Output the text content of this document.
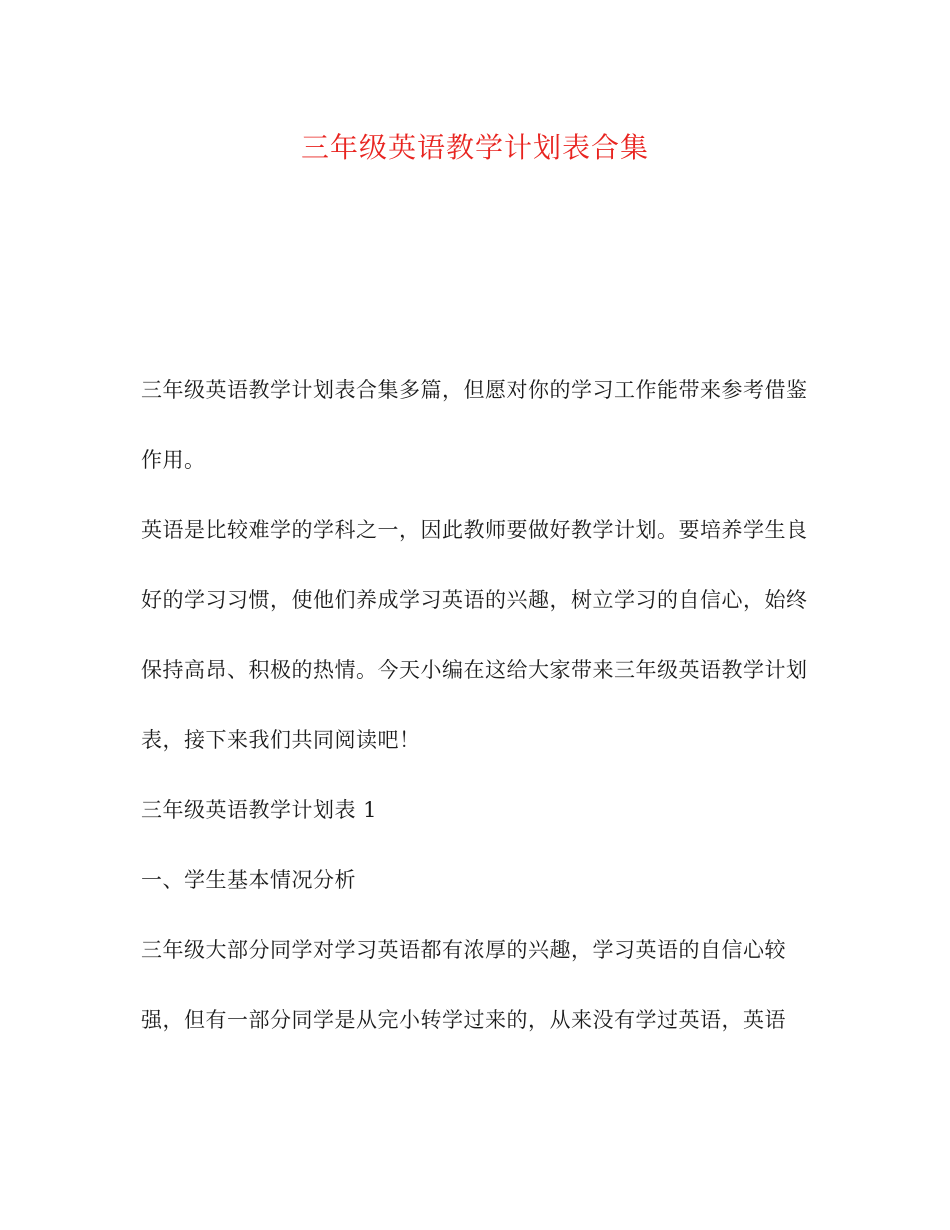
三年级英语教学计划表合集

三年级英语教学计划表合集多篇，但愿对你的学习工作能带来参考借鉴作用。

英语是比较难学的学科之一，因此教师要做好教学计划。要培养学生良好的学习习惯，使他们养成学习英语的兴趣，树立学习的自信心，始终保持高昂、积极的热情。今天小编在这给大家带来三年级英语教学计划表，接下来我们共同阅读吧！

三年级英语教学计划表 1

一、学生基本情况分析

三年级大部分同学对学习英语都有浓厚的兴趣，学习英语的自信心较强，但有一部分同学是从完小转学过来的，从来没有学过英语，英语
